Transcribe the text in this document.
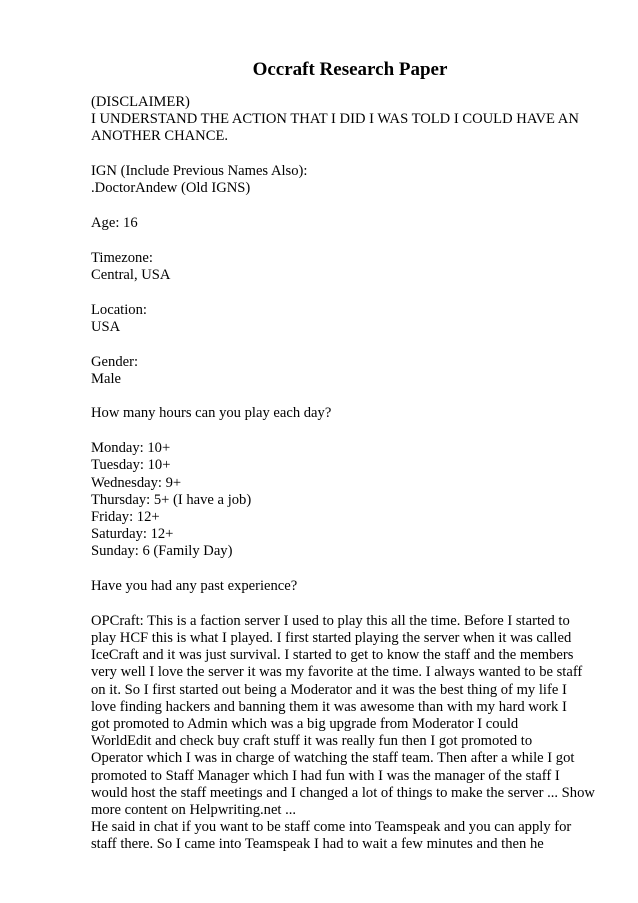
Occraft Research Paper
(DISCLAIMER)
I UNDERSTAND THE ACTION THAT I DID I WAS TOLD I COULD HAVE AN
ANOTHER CHANCE.
IGN (Include Previous Names Also):
.DoctorAndew (Old IGNS)
Age: 16
Timezone:
Central, USA
Location:
USA
Gender:
Male
How many hours can you play each day?
Monday: 10+
Tuesday: 10+
Wednesday: 9+
Thursday: 5+ (I have a job)
Friday: 12+
Saturday: 12+
Sunday: 6 (Family Day)
Have you had any past experience?
OPCraft: This is a faction server I used to play this all the time. Before I started to
play HCF this is what I played. I first started playing the server when it was called
IceCraft and it was just survival. I started to get to know the staff and the members
very well I love the server it was my favorite at the time. I always wanted to be staff
on it. So I first started out being a Moderator and it was the best thing of my life I
love finding hackers and banning them it was awesome than with my hard work I
got promoted to Admin which was a big upgrade from Moderator I could
WorldEdit and check buy craft stuff it was really fun then I got promoted to
Operator which I was in charge of watching the staff team. Then after a while I got
promoted to Staff Manager which I had fun with I was the manager of the staff I
would host the staff meetings and I changed a lot of things to make the server ... Show
more content on Helpwriting.net ...
He said in chat if you want to be staff come into Teamspeak and you can apply for
staff there. So I came into Teamspeak I had to wait a few minutes and then he
